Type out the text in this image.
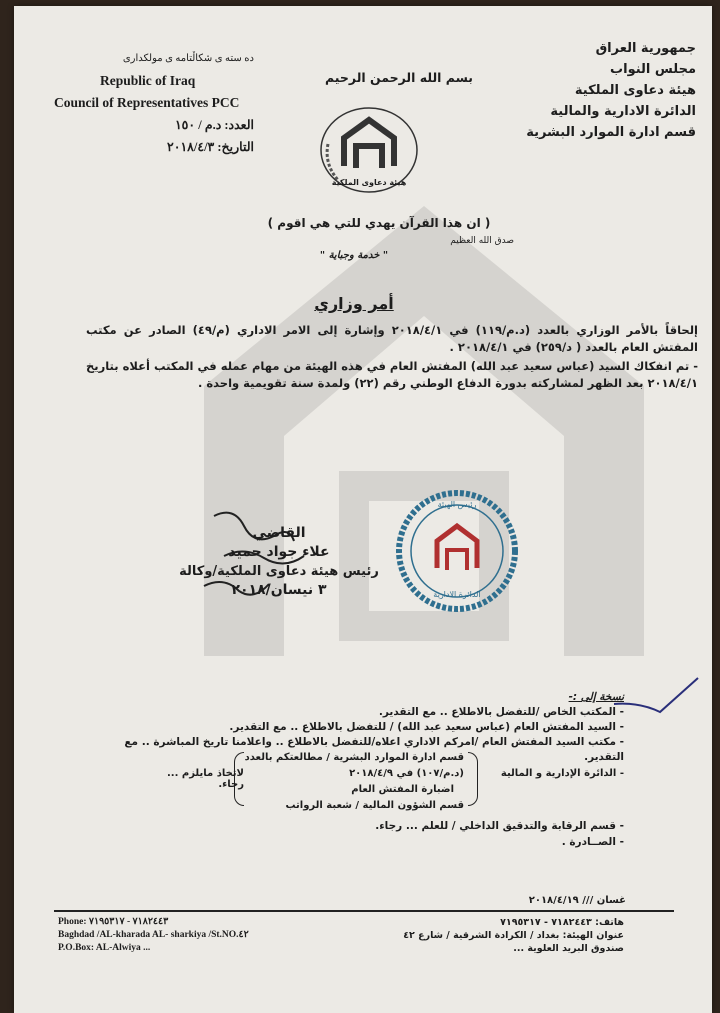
جمهورية العراق
مجلس النواب
هيئة دعاوى الملكية
الدائرة الادارية والمالية
قسم ادارة الموارد البشرية
دە ستە ی شکاڵتامە ی مولکداری
Republic of Iraq
Council of Representatives PCC
العدد: د.م / ١٥٠
التاريخ: ٢٠١٨/٤/٣
بسم الله الرحمن الرحيم
هيئة دعاوى الملكية
( ان هذا القرآن يهدي للتي هي اقوم )
صدق الله العظيم
" خدمة وجباية "
أمر وزاري

إلحاقاً بالأمر الوزاري بالعدد (د.م/١١٩) في ٢٠١٨/٤/١ وإشارة إلى الامر الاداري (م/٤٩) الصادر عن مكتب المفتش العام بالعدد ( د/٢٥٩) في ٢٠١٨/٤/١ .

- تم انفكاك السيد (عباس سعيد عبد الله) المفتش العام في هذه الهيئة من مهام عمله في المكتب أعلاه بتاريخ ٢٠١٨/٤/١ بعد الظهر لمشاركته بدورة الدفاع الوطني رقم (٢٢) ولمدة سنة تقويمية واحدة .

رئيس الهيئة
الدائرة الادارية
القاضي
علاء جواد حميد
رئيس هيئة دعاوى الملكية/وكالة
٣ نيسان/٢٠١٨
نسخة إلى :-
- المكتب الخاص /للتفضل بالاطلاع .. مع التقدير.
- السيد المفتش العام (عباس سعيد عبد الله) / للتفضل بالاطلاع .. مع التقدير.
- مكتب السيد المفتش العام /امركم الاداري اعلاه/للتفضل بالاطلاع .. واعلامنا تاريخ المباشرة .. مع التقدير.
- الدائرة الإدارية و المالية
قسم ادارة الموارد البشرية / مطالعتكم بالعدد (د.م/١٠٧) في ٢٠١٨/٤/٩
اضبارة المفتش العام
قسم الشؤون المالية / شعبة الرواتب
لاتخاذ مايلزم ... رجاء.
- قسم الرقابة والتدقيق الداخلي / للعلم ... رجاء.
- الصــادرة .
غسان /// ٢٠١٨/٤/١٩
Phone: ٧١٨٢٤٤٣ - ٧١٩٥٣١٧
Baghdad /AL-kharada AL- sharkiya /St.NO.٤٢
P.O.Box: AL-Alwiya ...
هاتف: ٧١٨٢٤٤٣ - ٧١٩٥٣١٧
عنوان الهيئة: بغداد / الكرادة الشرقية / شارع ٤٢
صندوق البريد العلوية ...
